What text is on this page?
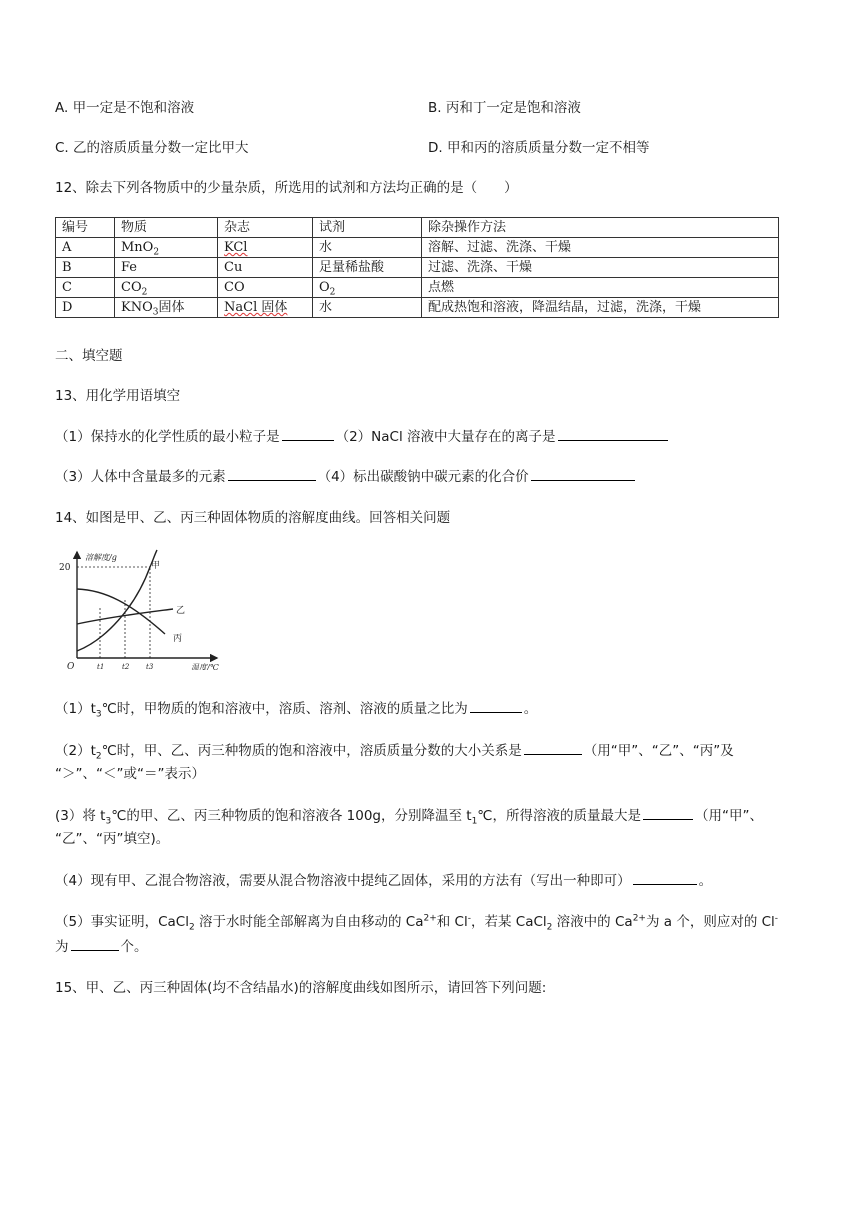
A. 甲一定是不饱和溶液	B. 丙和丁一定是饱和溶液
C. 乙的溶质质量分数一定比甲大	D. 甲和丙的溶质质量分数一定不相等
12、除去下列各物质中的少量杂质，所选用的试剂和方法均正确的是（　　）
编号	物质	杂志	试剂	除杂操作方法
A	MnO$_2$	KCl	水	溶解、过滤、洗涤、干燥
B	Fe	Cu	足量稀盐酸	过滤、洗涤、干燥
C	$CO_2$	CO	$O_2$	点燃
D	$KNO_3$固体	NaCl 固体	水	配成热饱和溶液，降温结晶，过滤，洗涤，干燥
二、填空题
13、用化学用语填空
（1）保持水的化学性质的最小粒子是	（2）NaCl 溶液中大量存在的离子是
（3）人体中含量最多的元素	（4）标出碳酸钠中碳元素的化合价
14、如图是甲、乙、丙三种固体物质的溶解度曲线。回答相关问题
溶解度/g
20
O	t1	t2 t3	温度/℃
甲
乙
丙
$(1)t_3℃$时，甲物质的饱和溶液中，溶质、溶剂、溶液的质量之比为	。
$(2)t_2℃$时，甲、乙、丙三种物质的饱和溶液中，溶质质量分数的大小关系是	（用“甲”、“乙”、“丙”及
“＞”、“＜”或“＝”表示）
(3）将 $t_3℃$的甲、乙、丙三种物质的饱和溶液各 100g，分别降温至 $t_1℃$，所得溶液的质量最大是	（用“甲”、
“乙”、“丙”填空)。
（4）现有甲、乙混合物溶液，需要从混合物溶液中提纯乙固体，采用的方法有（写出一种即可）	。
（5）事实证明，CaCl$_2$ 溶于水时能全部解离为自由移动的 $Ca^{2+}$和 Cl-，若某 CaCl$_2$ 溶液中的 $Ca^{2+}$为 a 个，则应对的 Cl-
为	个。
15、甲、乙、丙三种固体(均不含结晶水)的溶解度曲线如图所示，请回答下列问题:
